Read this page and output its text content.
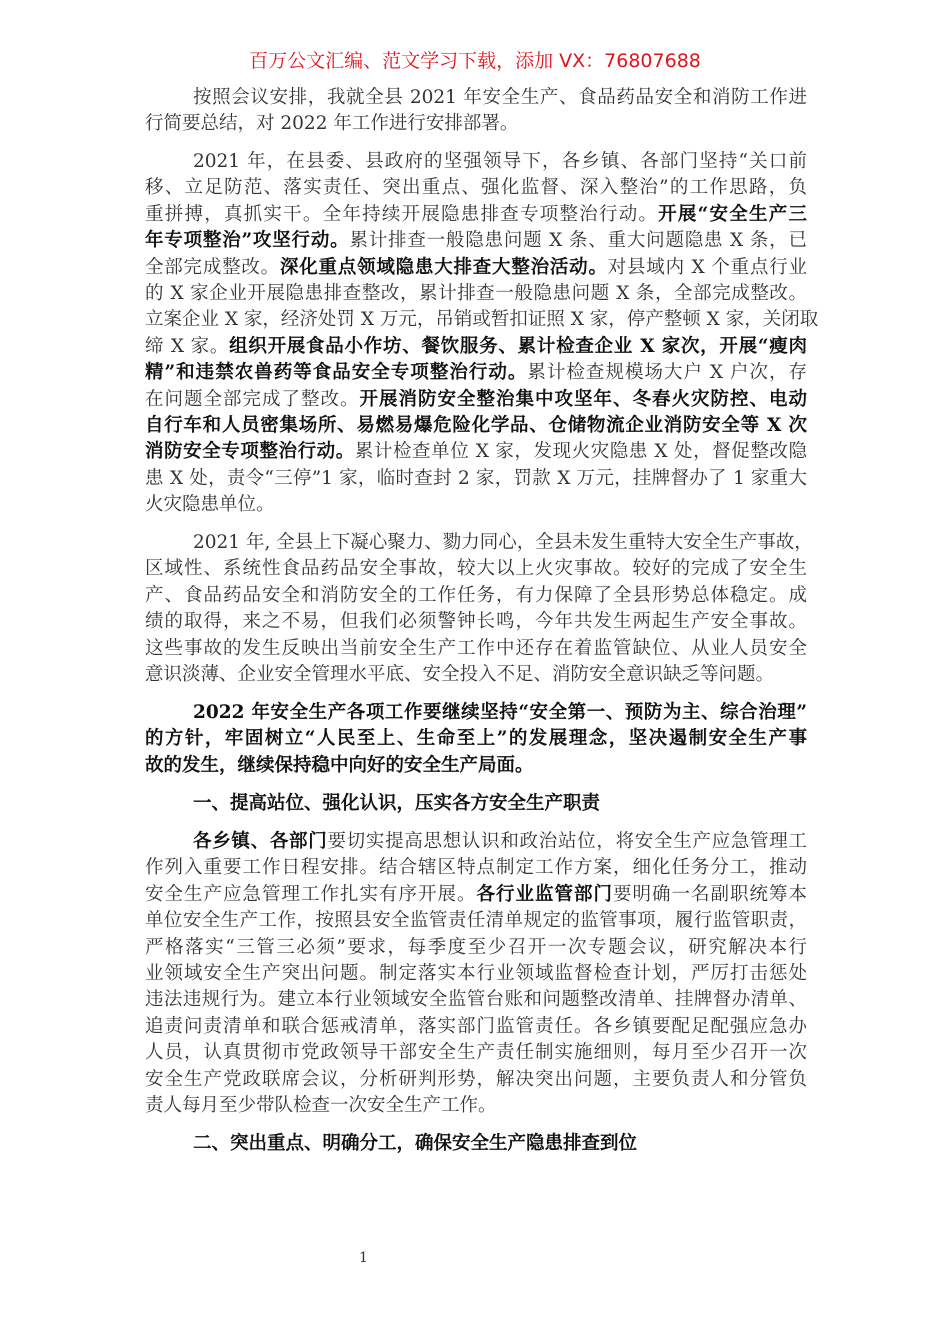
百万公文汇编、范文学习下载，添加 VX：76807688
按照会议安排，我就全县 2021 年安全生产、食品药品安全和消防工作进
行简要总结，对 2022 年工作进行安排部署。
2021 年，在县委、县政府的坚强领导下，各乡镇、各部门坚持“关口前
移、立足防范、落实责任、突出重点、强化监督、深入整治”的工作思路，负
重拼搏，真抓实干。全年持续开展隐患排查专项整治行动。开展“安全生产三
年专项整治”攻坚行动。累计排查一般隐患问题 X 条、重大问题隐患 X 条，已
全部完成整改。深化重点领域隐患大排查大整治活动。对县域内 X 个重点行业
的 X 家企业开展隐患排查整改，累计排查一般隐患问题 X 条，全部完成整改。
立案企业 X 家，经济处罚 X 万元，吊销或暂扣证照 X 家，停产整顿 X 家，关闭取
缔 X 家。组织开展食品小作坊、餐饮服务、累计检查企业 X 家次，开展“瘦肉
精”和违禁农兽药等食品安全专项整治行动。累计检查规模场大户 X 户次，存
在问题全部完成了整改。开展消防安全整治集中攻坚年、冬春火灾防控、电动
自行车和人员密集场所、易燃易爆危险化学品、仓储物流企业消防安全等 X 次
消防安全专项整治行动。累计检查单位 X 家，发现火灾隐患 X 处，督促整改隐
患 X 处，责令“三停”1 家，临时查封 2 家，罚款 X 万元，挂牌督办了 1 家重大
火灾隐患单位。
2021 年, 全县上下凝心聚力、勠力同心，全县未发生重特大安全生产事故，
区域性、系统性食品药品安全事故，较大以上火灾事故。较好的完成了安全生
产、食品药品安全和消防安全的工作任务，有力保障了全县形势总体稳定。成
绩的取得，来之不易，但我们必须警钟长鸣，今年共发生两起生产安全事故。
这些事故的发生反映出当前安全生产工作中还存在着监管缺位、从业人员安全
意识淡薄、企业安全管理水平底、安全投入不足、消防安全意识缺乏等问题。
2022 年安全生产各项工作要继续坚持“安全第一、预防为主、综合治理”
的方针，牢固树立“人民至上、生命至上”的发展理念，坚决遏制安全生产事
故的发生，继续保持稳中向好的安全生产局面。
一、提高站位、强化认识，压实各方安全生产职责
各乡镇、各部门要切实提高思想认识和政治站位，将安全生产应急管理工
作列入重要工作日程安排。结合辖区特点制定工作方案，细化任务分工，推动
安全生产应急管理工作扎实有序开展。各行业监管部门要明确一名副职统筹本
单位安全生产工作，按照县安全监管责任清单规定的监管事项，履行监管职责，
严格落实“三管三必须”要求，每季度至少召开一次专题会议，研究解决本行
业领域安全生产突出问题。制定落实本行业领域监督检查计划，严厉打击惩处
违法违规行为。建立本行业领域安全监管台账和问题整改清单、挂牌督办清单、
追责问责清单和联合惩戒清单，落实部门监管责任。各乡镇要配足配强应急办
人员，认真贯彻市党政领导干部安全生产责任制实施细则，每月至少召开一次
安全生产党政联席会议，分析研判形势，解决突出问题，主要负责人和分管负
责人每月至少带队检查一次安全生产工作。
二、突出重点、明确分工，确保安全生产隐患排查到位
1
